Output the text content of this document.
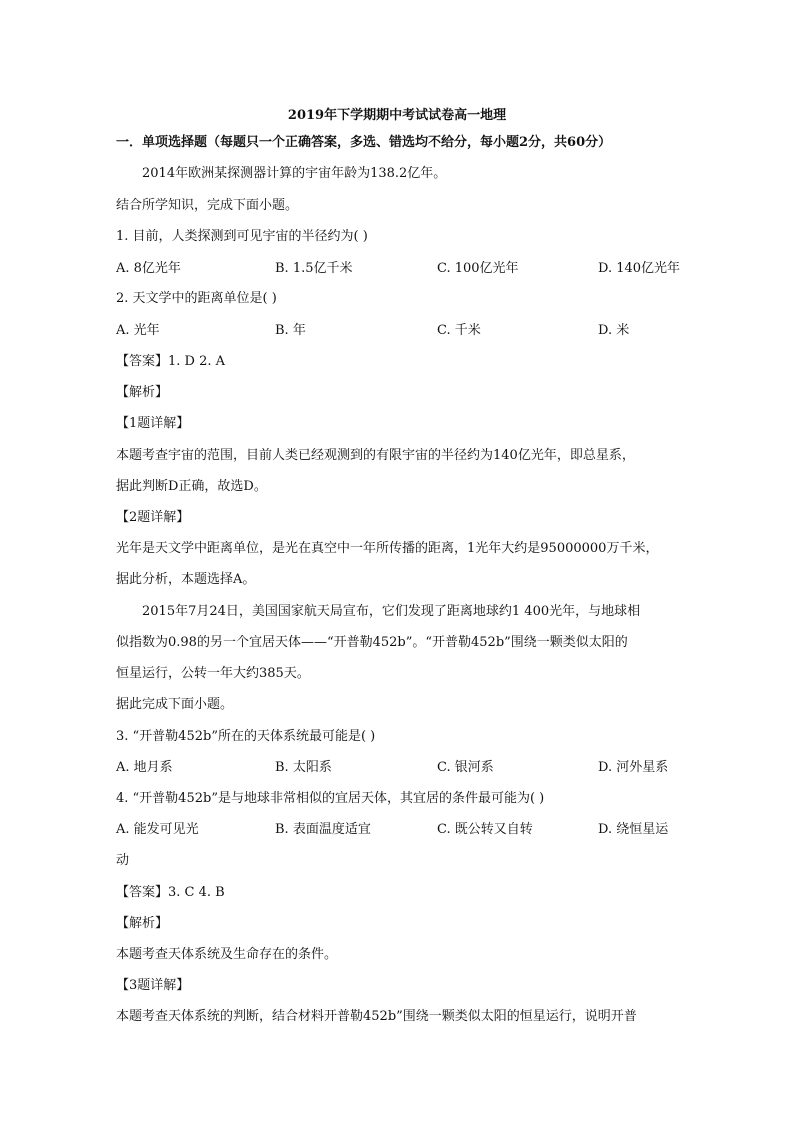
2019年下学期期中考试试卷高一地理
一．单项选择题（每题只一个正确答案，多选、错选均不给分，每小题2分，共60分）
2014年欧洲某探测器计算的宇宙年龄为138.2亿年。
结合所学知识，完成下面小题。
1. 目前，人类探测到可见宇宙的半径约为( )
A. 8亿光年	B. 1.5亿千米	C. 100亿光年	D. 140亿光年
2. 天文学中的距离单位是( )
A. 光年	B. 年	C. 千米	D. 米
【答案】1. D 2. A
【解析】
【1题详解】
本题考查宇宙的范围，目前人类已经观测到的有限宇宙的半径约为140亿光年，即总星系，
据此判断D正确，故选D。
【2题详解】
光年是天文学中距离单位，是光在真空中一年所传播的距离，1光年大约是95000000万千米，
据此分析，本题选择A。
2015年7月24日，美国国家航天局宣布，它们发现了距离地球约1 400光年，与地球相
似指数为0.98的另一个宜居天体——“开普勒452b”。“开普勒452b”围绕一颗类似太阳的
恒星运行，公转一年大约385天。
据此完成下面小题。
3. “开普勒452b”所在的天体系统最可能是( )
A. 地月系	B. 太阳系	C. 银河系	D. 河外星系
4. “开普勒452b”是与地球非常相似的宜居天体，其宜居的条件最可能为( )
A. 能发可见光	B. 表面温度适宜	C. 既公转又自转	D. 绕恒星运
动
【答案】3. C 4. B
【解析】
本题考查天体系统及生命存在的条件。
【3题详解】
本题考查天体系统的判断，结合材料开普勒452b”围绕一颗类似太阳的恒星运行，说明开普
